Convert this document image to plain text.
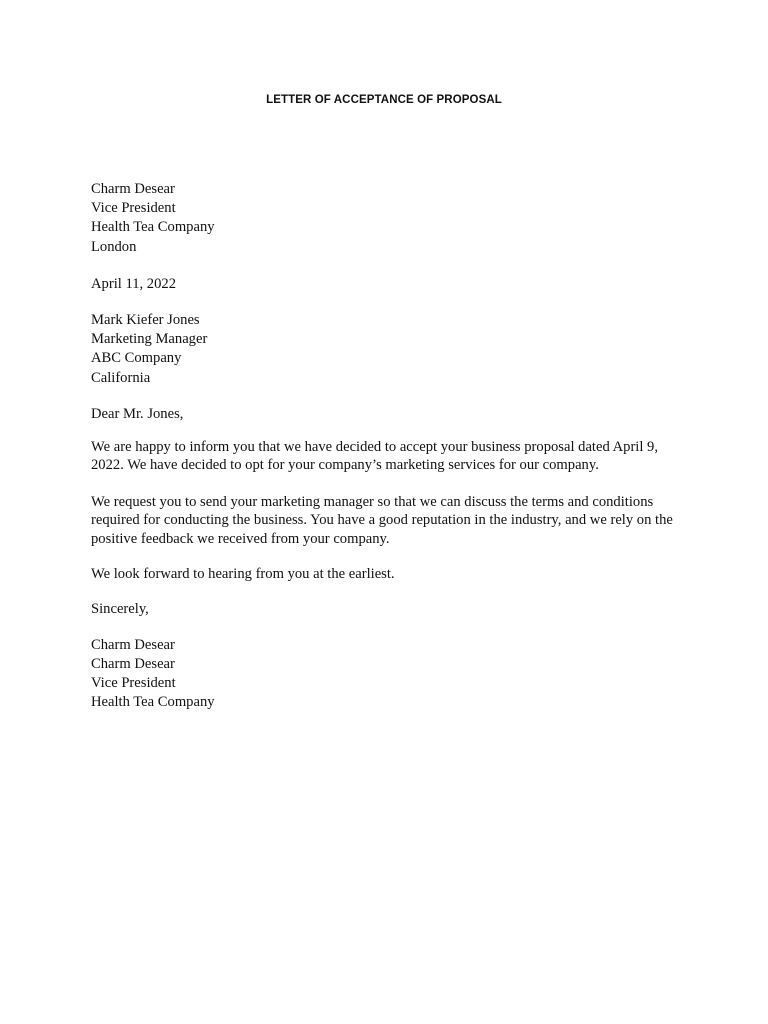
LETTER OF ACCEPTANCE OF PROPOSAL
Charm Desear
Vice President
Health Tea Company
London
April 11, 2022
Mark Kiefer Jones
Marketing Manager
ABC Company
California
Dear Mr. Jones,

We are happy to inform you that we have decided to accept your business proposal dated April 9, 2022. We have decided to opt for your company’s marketing services for our company.

We request you to send your marketing manager so that we can discuss the terms and conditions required for conducting the business. You have a good reputation in the industry, and we rely on the positive feedback we received from your company.

We look forward to hearing from you at the earliest.

Sincerely,
Charm Desear
Charm Desear
Vice President
Health Tea Company
